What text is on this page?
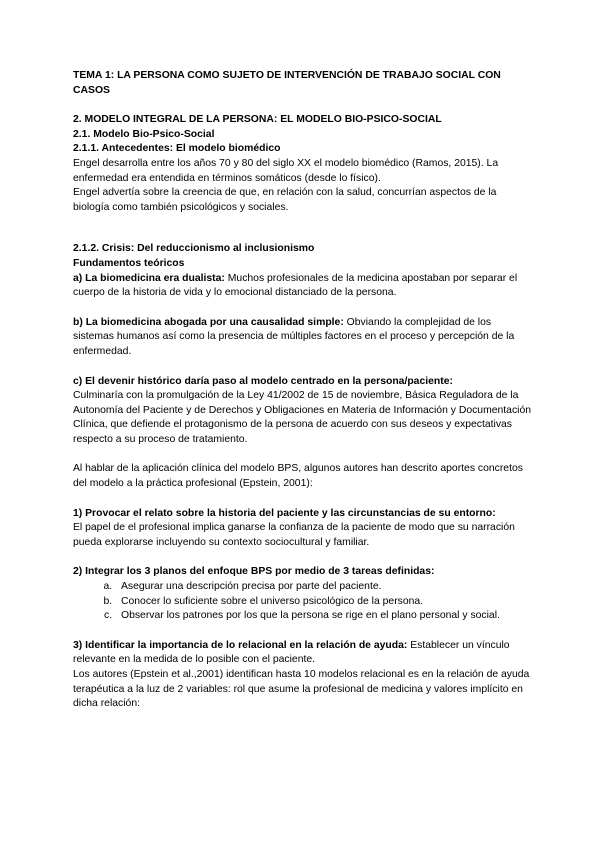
TEMA 1: LA PERSONA COMO SUJETO DE INTERVENCIÓN DE TRABAJO SOCIAL CON CASOS

2. MODELO INTEGRAL DE LA PERSONA: EL MODELO BIO-PSICO-SOCIAL

2.1. Modelo Bio-Psico-Social

2.1.1. Antecedentes: El modelo biomédico

Engel desarrolla entre los años 70 y 80 del siglo XX el modelo biomédico (Ramos, 2015). La enfermedad era entendida en términos somáticos (desde lo físico).

Engel advertía sobre la creencia de que, en relación con la salud, concurrían aspectos de la biología como también psicológicos y sociales.

2.1.2. Crisis: Del reduccionismo al inclusionismo

Fundamentos teóricos

a) La biomedicina era dualista: Muchos profesionales de la medicina apostaban por separar el cuerpo de la historia de vida y lo emocional distanciado de la persona.

b) La biomedicina abogada por una causalidad simple: Obviando la complejidad de los sistemas humanos así como la presencia de múltiples factores en el proceso y percepción de la enfermedad.

c) El devenir histórico daría paso al modelo centrado en la persona/paciente:

Culminaría con la promulgación de la Ley 41/2002 de 15 de noviembre, Básica Reguladora de la Autonomía del Paciente y de Derechos y Obligaciones en Materia de Información y Documentación Clínica, que defiende el protagonismo de la persona de acuerdo con sus deseos y expectativas respecto a su proceso de tratamiento.

Al hablar de la aplicación clínica del modelo BPS, algunos autores han descrito aportes concretos del modelo a la práctica profesional (Epstein, 2001):

1) Provocar el relato sobre la historia del paciente y las circunstancias de su entorno:

El papel de el profesional implica ganarse la confianza de la paciente de modo que su narración pueda explorarse incluyendo su contexto sociocultural y familiar.

2) Integrar los 3 planos del enfoque BPS por medio de 3 tareas definidas:

a. Asegurar una descripción precisa por parte del paciente.
b. Conocer lo suficiente sobre el universo psicológico de la persona.
c. Observar los patrones por los que la persona se rige en el plano personal y social.

3) Identificar la importancia de lo relacional en la relación de ayuda: Establecer un vínculo relevante en la medida de lo posible con el paciente.

Los autores (Epstein et al.,2001) identifican hasta 10 modelos relacional es en la relación de ayuda terapéutica a la luz de 2 variables: rol que asume la profesional de medicina y valores implícito en dicha relación:
